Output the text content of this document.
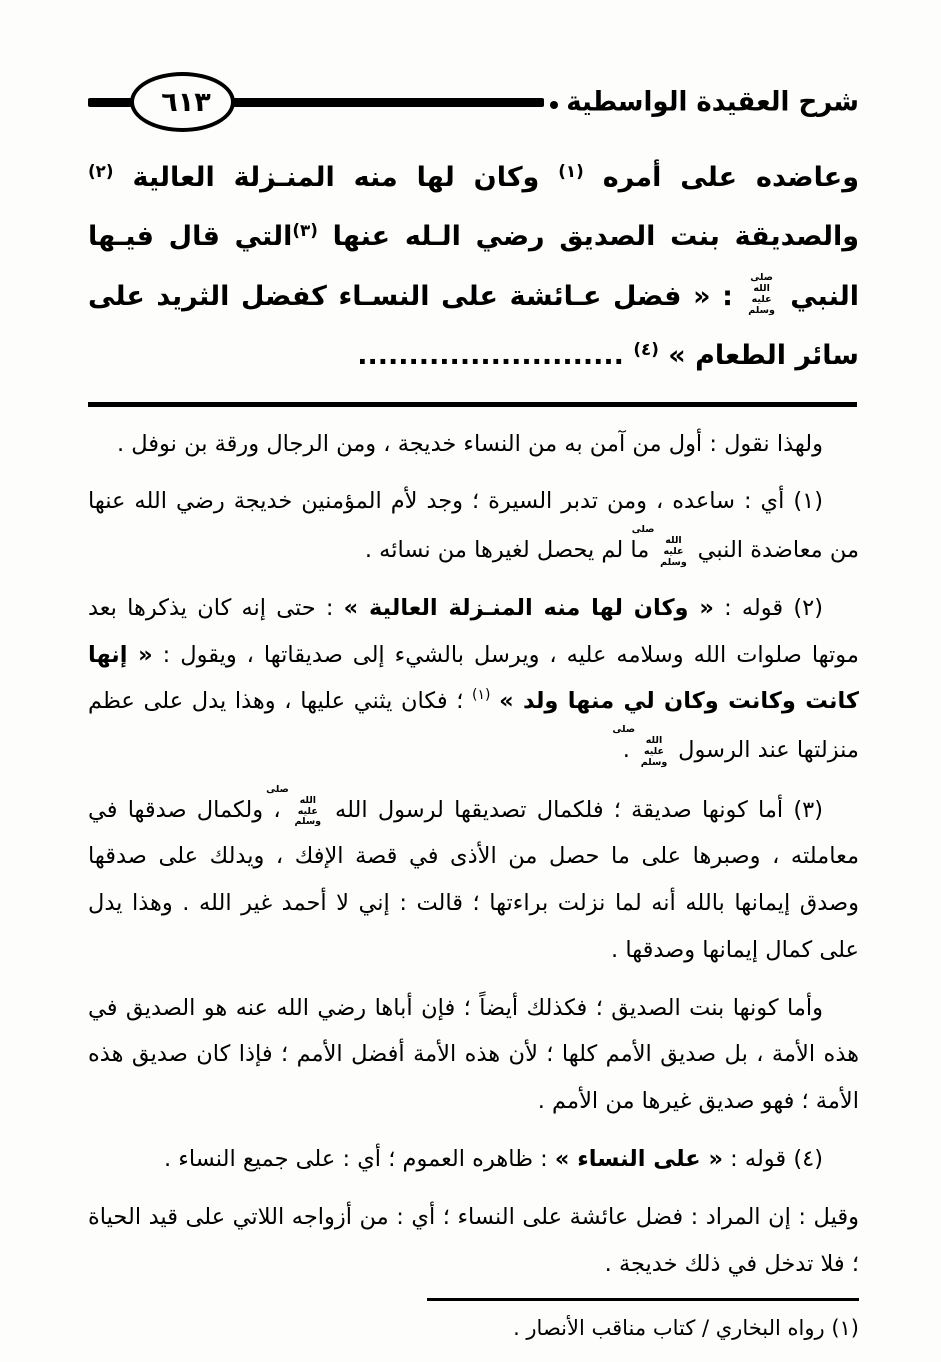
شرح العقيدة الواسطية
٦١٣

وعاضده على أمره $^{(١)}$ وكان لها منه المنـزلة العالية $^{(٢)}$ والصديقة بنت الصديق رضي الـله عنها $^{(٣)}$التي قال فيـها النبي صلى الله عليه وسلم : « فضل عـائشة على النسـاء كفضل الثريد على سائر الطعام » $^{(٤)}$ ..........................

ولهذا نقول : أول من آمن به من النساء خديجة ، ومن الرجال ورقة بن نوفل .

(١) أي : ساعده ، ومن تدبر السيرة ؛ وجد لأم المؤمنين خديجة رضي الله عنها من معاضدة النبي صلى الله عليه وسلم ما لم يحصل لغيرها من نسائه .

(٢) قوله : « وكان لها منه المنـزلة العالية » : حتى إنه كان يذكرها بعد موتها صلوات الله وسلامه عليه ، ويرسل بالشيء إلى صديقاتها ، ويقول : « إنها كانت وكانت وكان لي منها ولد » $^{(١)}$ ؛ فكان يثني عليها ، وهذا يدل على عظم منزلتها عند الرسول صلى الله عليه وسلم .

(٣) أما كونها صديقة ؛ فلكمال تصديقها لرسول الله صلى الله عليه وسلم ، ولكمال صدقها في معاملته ، وصبرها على ما حصل من الأذى في قصة الإفك ، ويدلك على صدقها وصدق إيمانها بالله أنه لما نزلت براءتها ؛ قالت : إني لا أحمد غير الله . وهذا يدل على كمال إيمانها وصدقها .

وأما كونها بنت الصديق ؛ فكذلك أيضاً ؛ فإن أباها رضي الله عنه هو الصديق في هذه الأمة ، بل صديق الأمم كلها ؛ لأن هذه الأمة أفضل الأمم ؛ فإذا كان صديق هذه الأمة ؛ فهو صديق غيرها من الأمم .

(٤) قوله : « على النساء » : ظاهره العموم ؛ أي : على جميع النساء .

وقيل : إن المراد : فضل عائشة على النساء ؛ أي : من أزواجه اللاتي على قيد الحياة ؛ فلا تدخل في ذلك خديجة .

(١) رواه البخاري / كتاب مناقب الأنصار .
